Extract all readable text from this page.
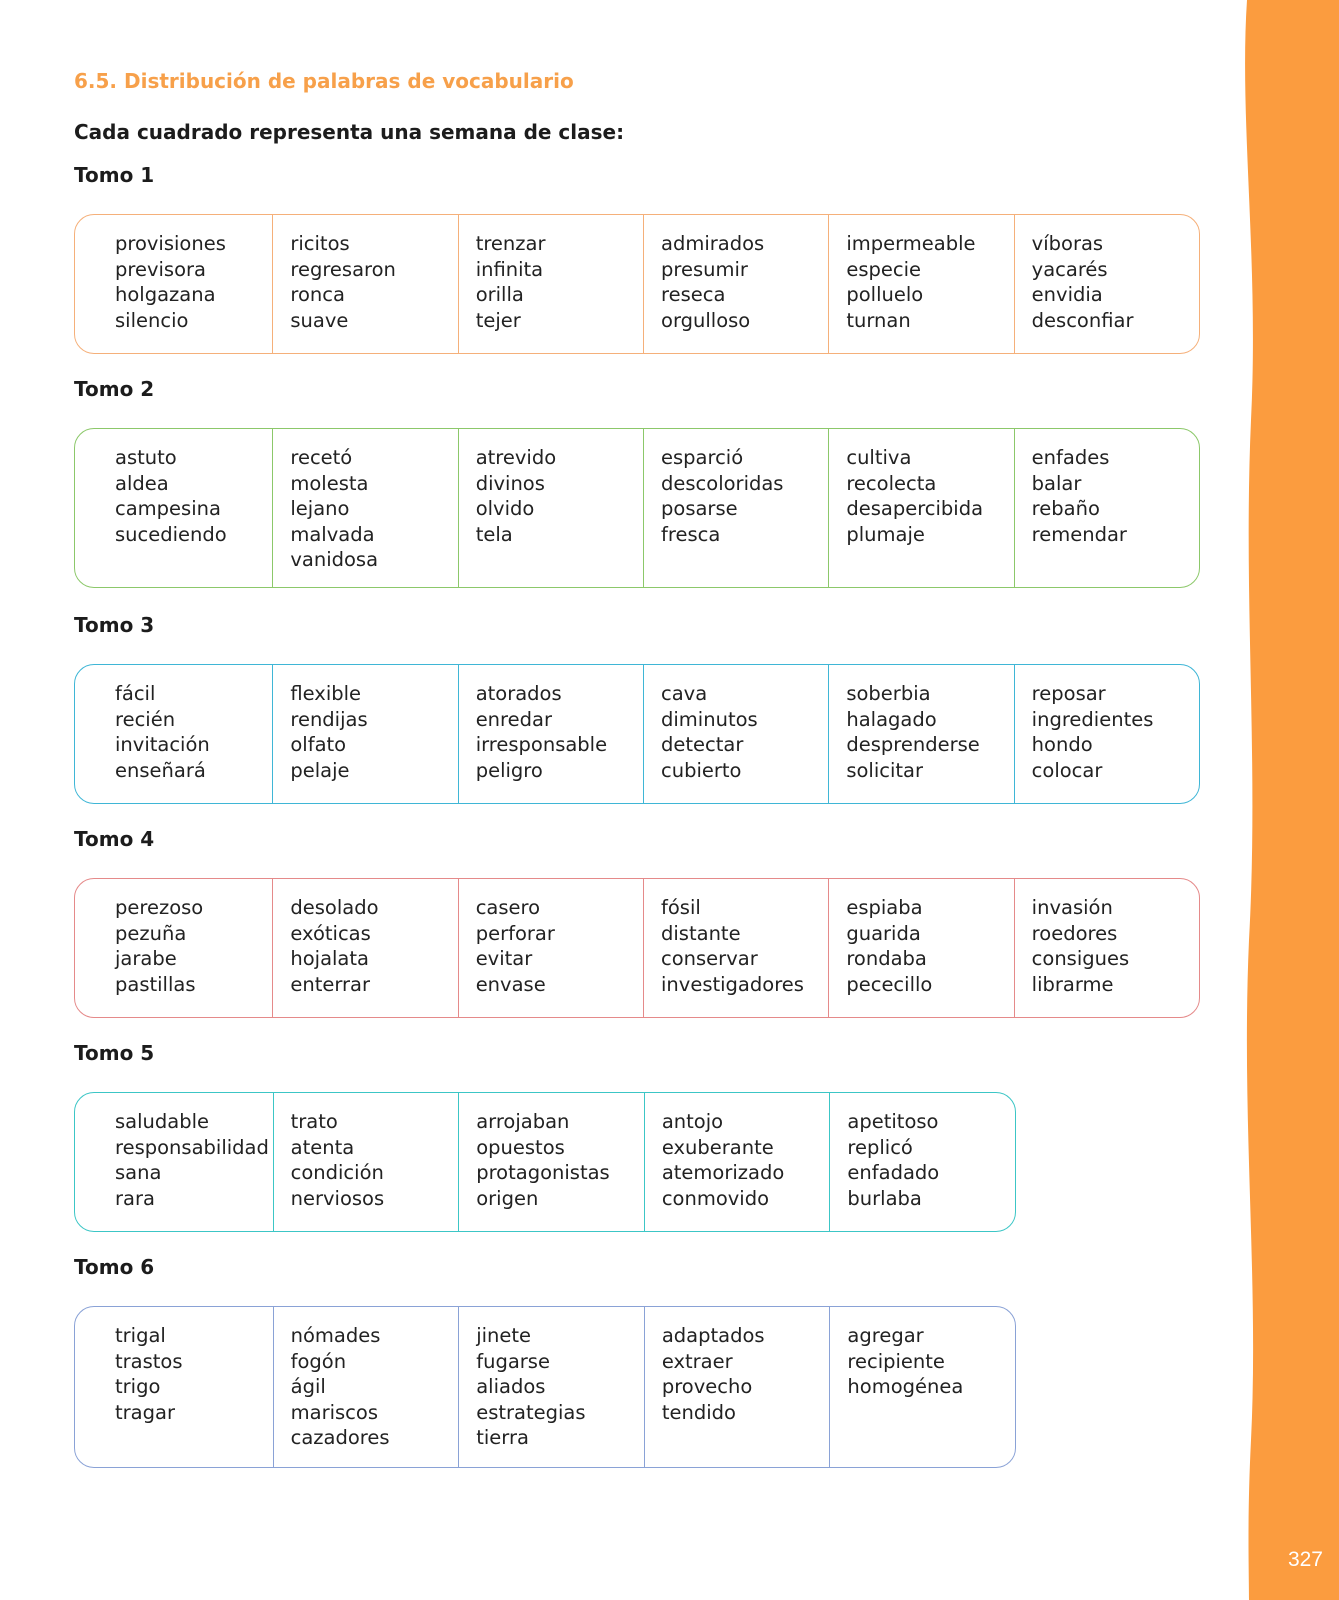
327
6.5. Distribución de palabras de vocabulario

Cada cuadrado representa una semana de clase:

Tomo 1

provisiones
previsora
holgazana
silencio
ricitos
regresaron
ronca
suave
trenzar
infinita
orilla
tejer
admirados
presumir
reseca
orgulloso
impermeable
especie
polluelo
turnan
víboras
yacarés
envidia
desconfiar

Tomo 2

astuto
aldea
campesina
sucediendo
recetó
molesta
lejano
malvada
vanidosa
atrevido
divinos
olvido
tela
esparció
descoloridas
posarse
fresca
cultiva
recolecta
desapercibida
plumaje
enfades
balar
rebaño
remendar

Tomo 3

fácil
recién
invitación
enseñará
flexible
rendijas
olfato
pelaje
atorados
enredar
irresponsable
peligro
cava
diminutos
detectar
cubierto
soberbia
halagado
desprenderse
solicitar
reposar
ingredientes
hondo
colocar

Tomo 4

perezoso
pezuña
jarabe
pastillas
desolado
exóticas
hojalata
enterrar
casero
perforar
evitar
envase
fósil
distante
conservar
investigadores
espiaba
guarida
rondaba
pececillo
invasión
roedores
consigues
librarme

Tomo 5

saludable
responsabilidad
sana
rara
trato
atenta
condición
nerviosos
arrojaban
opuestos
protagonistas
origen
antojo
exuberante
atemorizado
conmovido
apetitoso
replicó
enfadado
burlaba

Tomo 6

trigal
trastos
trigo
tragar
nómades
fogón
ágil
mariscos
cazadores
jinete
fugarse
aliados
estrategias
tierra
adaptados
extraer
provecho
tendido
agregar
recipiente
homogénea
